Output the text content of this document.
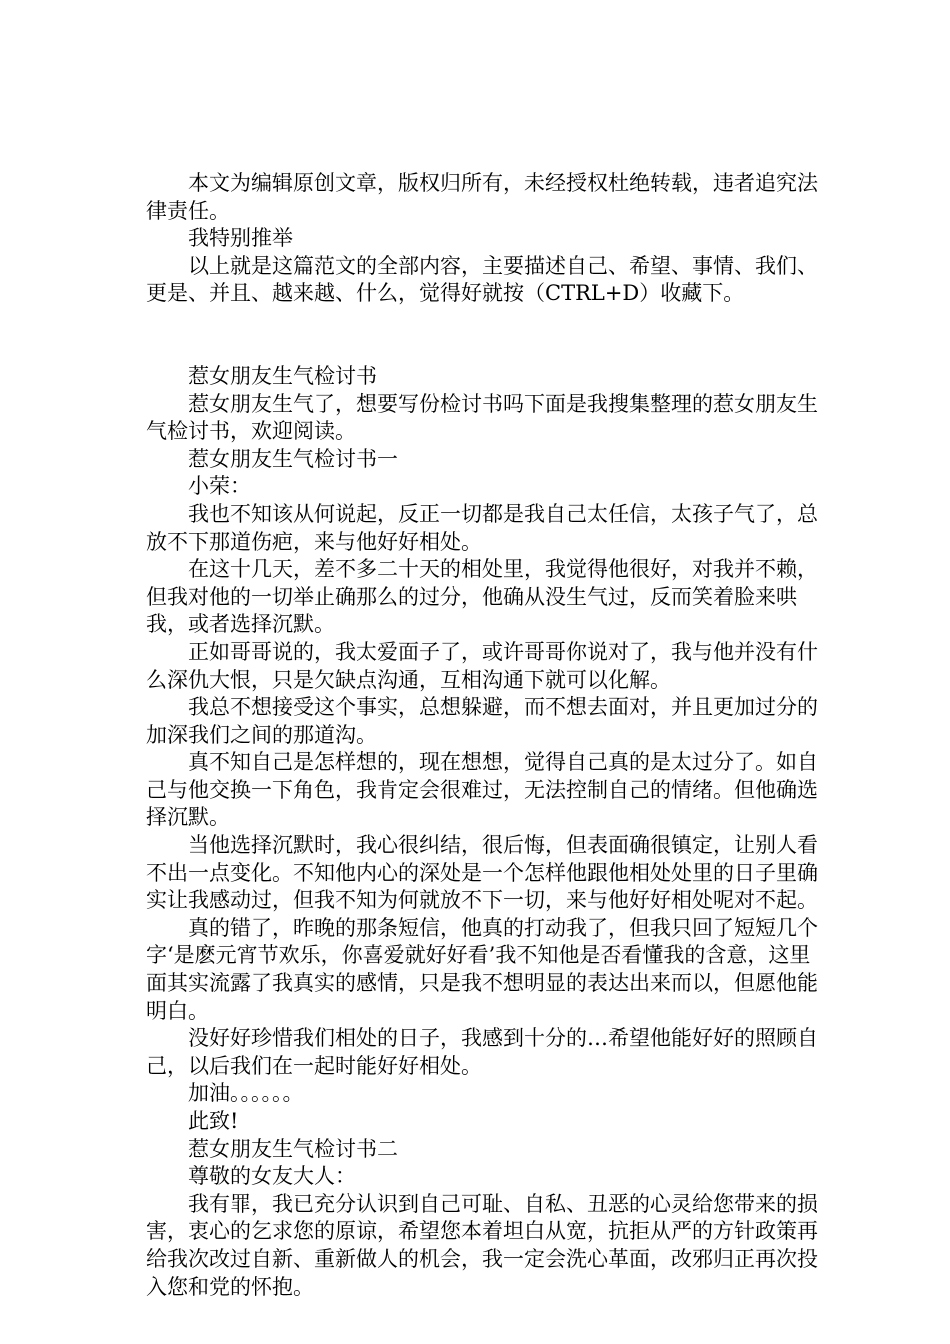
本文为编辑原创文章，版权归所有，未经授权杜绝转载，违者追究法律责任。

我特别推举

以上就是这篇范文的全部内容，主要描述自己、希望、事情、我们、更是、并且、越来越、什么，觉得好就按（CTRL+D）收藏下。

惹女朋友生气检讨书

惹女朋友生气了，想要写份检讨书吗下面是我搜集整理的惹女朋友生气检讨书，欢迎阅读。

惹女朋友生气检讨书一

小荣：

我也不知该从何说起，反正一切都是我自己太任信，太孩子气了，总放不下那道伤疤，来与他好好相处。

在这十几天，差不多二十天的相处里，我觉得他很好，对我并不赖，但我对他的一切举止确那么的过分，他确从没生气过，反而笑着脸来哄我，或者选择沉默。

正如哥哥说的，我太爱面子了，或许哥哥你说对了，我与他并没有什么深仇大恨，只是欠缺点沟通，互相沟通下就可以化解。

我总不想接受这个事实，总想躲避，而不想去面对，并且更加过分的加深我们之间的那道沟。

真不知自己是怎样想的，现在想想，觉得自己真的是太过分了。如自己与他交换一下角色，我肯定会很难过，无法控制自己的情绪。但他确选择沉默。

当他选择沉默时，我心很纠结，很后悔，但表面确很镇定，让别人看不出一点变化。不知他内心的深处是一个怎样他跟他相处处里的日子里确实让我感动过，但我不知为何就放不下一切，来与他好好相处呢对不起。

真的错了，昨晚的那条短信，他真的打动我了，但我只回了短短几个字‘是麽元宵节欢乐，你喜爱就好好看’我不知他是否看懂我的含意，这里面其实流露了我真实的感情，只是我不想明显的表达出来而以，但愿他能明白。

没好好珍惜我们相处的日子，我感到十分的…希望他能好好的照顾自己，以后我们在一起时能好好相处。

加油。。。。。。

此致!

惹女朋友生气检讨书二

尊敬的女友大人：

我有罪，我已充分认识到自己可耻、自私、丑恶的心灵给您带来的损害，衷心的乞求您的原谅，希望您本着坦白从宽，抗拒从严的方针政策再给我次改过自新、重新做人的机会，我一定会洗心革面，改邪归正再次投入您和党的怀抱。
